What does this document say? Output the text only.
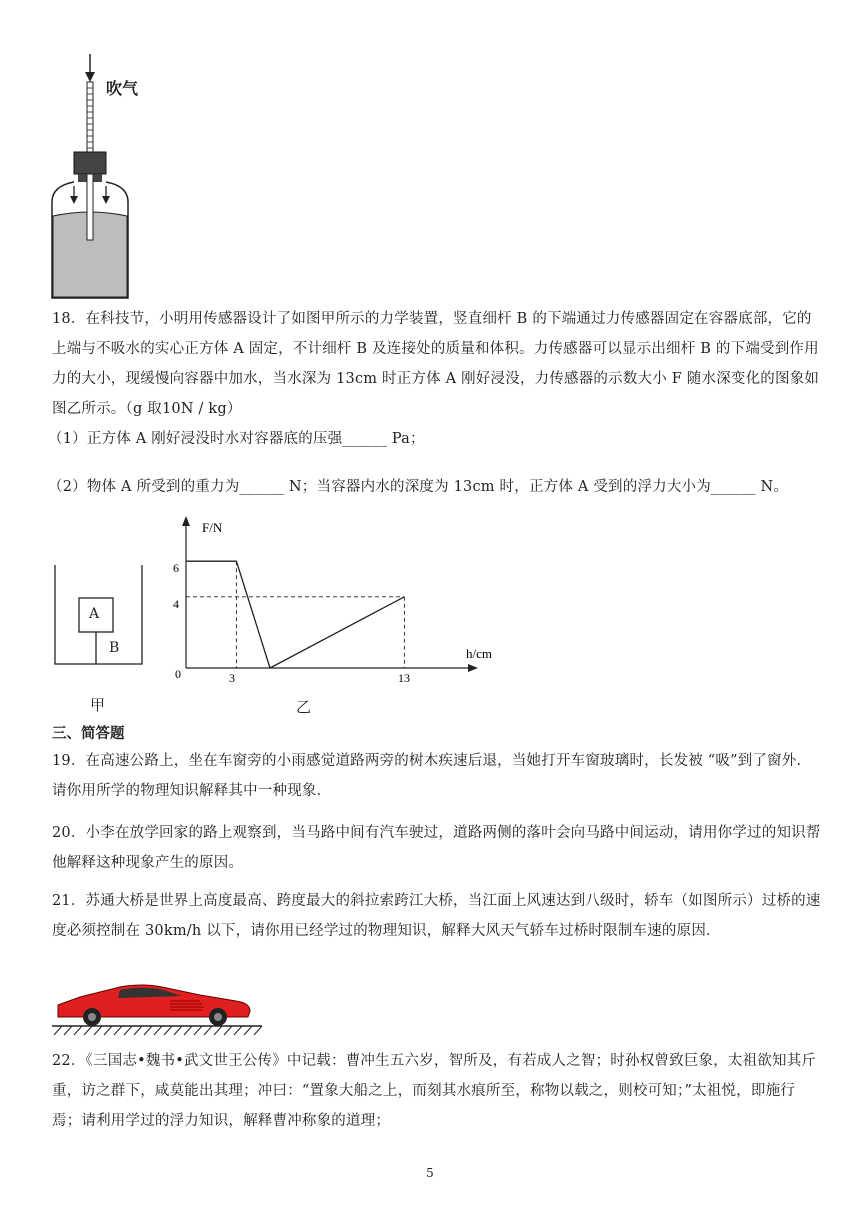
吹气
18．在科技节，小明用传感器设计了如图甲所示的力学装置，竖直细杆 B 的下端通过力传感器固定在容器底部，它的上端与不吸水的实心正方体 A 固定，不计细杆 B 及连接处的质量和体积。力传感器可以显示出细杆 B 的下端受到作用力的大小，现缓慢向容器中加水，当水深为 13cm 时正方体 A 刚好浸没，力传感器的示数大小 F 随水深变化的图象如图乙所示。（g 取10N / kg）
（1）正方体 A 刚好浸没时水对容器底的压强______ Pa；
（2）物体 A 所受到的重力为______ N；当容器内水的深度为 13cm 时，正方体 A 受到的浮力大小为______ N。
A
B
甲
F/N
h/cm
0
6
4
3	13
乙
三、简答题
19．在高速公路上，坐在车窗旁的小雨感觉道路两旁的树木疾速后退，当她打开车窗玻璃时，长发被 “吸”到了窗外．请你用所学的物理知识解释其中一种现象．
20．小李在放学回家的路上观察到，当马路中间有汽车驶过，道路两侧的落叶会向马路中间运动，请用你学过的知识帮他解释这种现象产生的原因。
21．苏通大桥是世界上高度最高、跨度最大的斜拉索跨江大桥，当江面上风速达到八级时，轿车（如图所示）过桥的速度必须控制在 30km/h 以下，请你用已经学过的物理知识，解释大风天气轿车过桥时限制车速的原因．
22．《三国志•魏书•武文世王公传》中记载：曹冲生五六岁，智所及，有若成人之智；时孙权曾致巨象，太祖欲知其斤重，访之群下，咸莫能出其理；冲曰：“置象大船之上，而刻其水痕所至，称物以载之，则校可知；”太祖悦，即施行焉；请利用学过的浮力知识，解释曹冲称象的道理；
5
